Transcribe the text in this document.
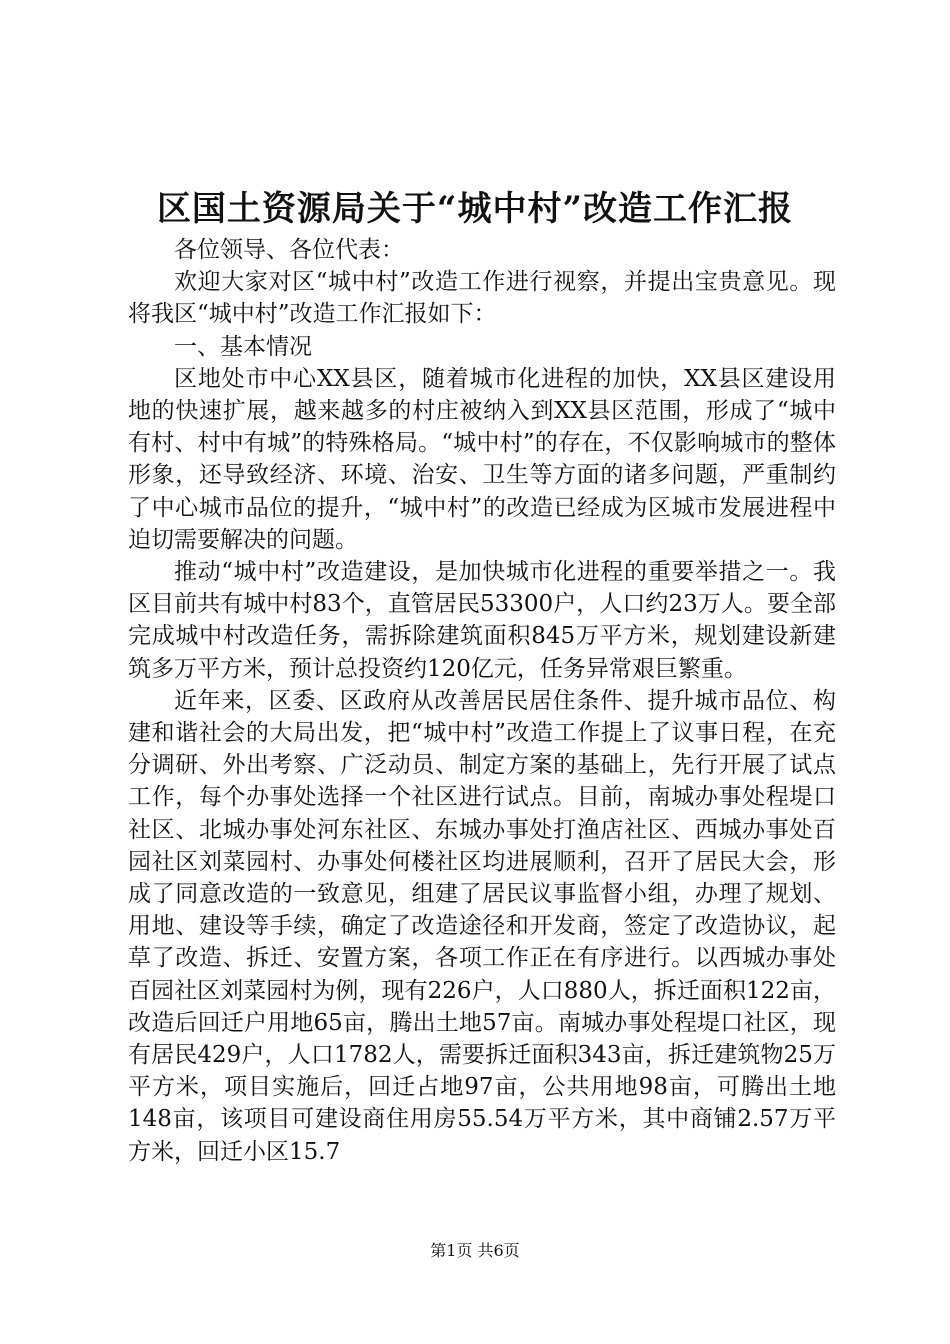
区国土资源局关于“城中村”改造工作汇报

各位领导、各位代表：

欢迎大家对区“城中村”改造工作进行视察，并提出宝贵意见。现将我区“城中村”改造工作汇报如下：

一、基本情况

区地处市中心XX县区，随着城市化进程的加快，XX县区建设用地的快速扩展，越来越多的村庄被纳入到XX县区范围，形成了“城中有村、村中有城”的特殊格局。“城中村”的存在，不仅影响城市的整体形象，还导致经济、环境、治安、卫生等方面的诸多问题，严重制约了中心城市品位的提升，“城中村”的改造已经成为区城市发展进程中迫切需要解决的问题。

推动“城中村”改造建设，是加快城市化进程的重要举措之一。我区目前共有城中村83个，直管居民53300户，人口约23万人。要全部完成城中村改造任务，需拆除建筑面积845万平方米，规划建设新建筑多万平方米，预计总投资约120亿元，任务异常艰巨繁重。

近年来，区委、区政府从改善居民居住条件、提升城市品位、构建和谐社会的大局出发，把“城中村”改造工作提上了议事日程，在充分调研、外出考察、广泛动员、制定方案的基础上，先行开展了试点工作，每个办事处选择一个社区进行试点。目前，南城办事处程堤口社区、北城办事处河东社区、东城办事处打渔店社区、西城办事处百园社区刘菜园村、办事处何楼社区均进展顺利，召开了居民大会，形成了同意改造的一致意见，组建了居民议事监督小组，办理了规划、用地、建设等手续，确定了改造途径和开发商，签定了改造协议，起草了改造、拆迁、安置方案，各项工作正在有序进行。以西城办事处百园社区刘菜园村为例，现有226户，人口880人，拆迁面积122亩，改造后回迁户用地65亩，腾出土地57亩。南城办事处程堤口社区，现有居民429户，人口1782人，需要拆迁面积343亩，拆迁建筑物25万平方米，项目实施后，回迁占地97亩，公共用地98亩，可腾出土地148亩，该项目可建设商住用房55.54万平方米，其中商铺2.57万平方米，回迁小区15.7

第1页 共6页
